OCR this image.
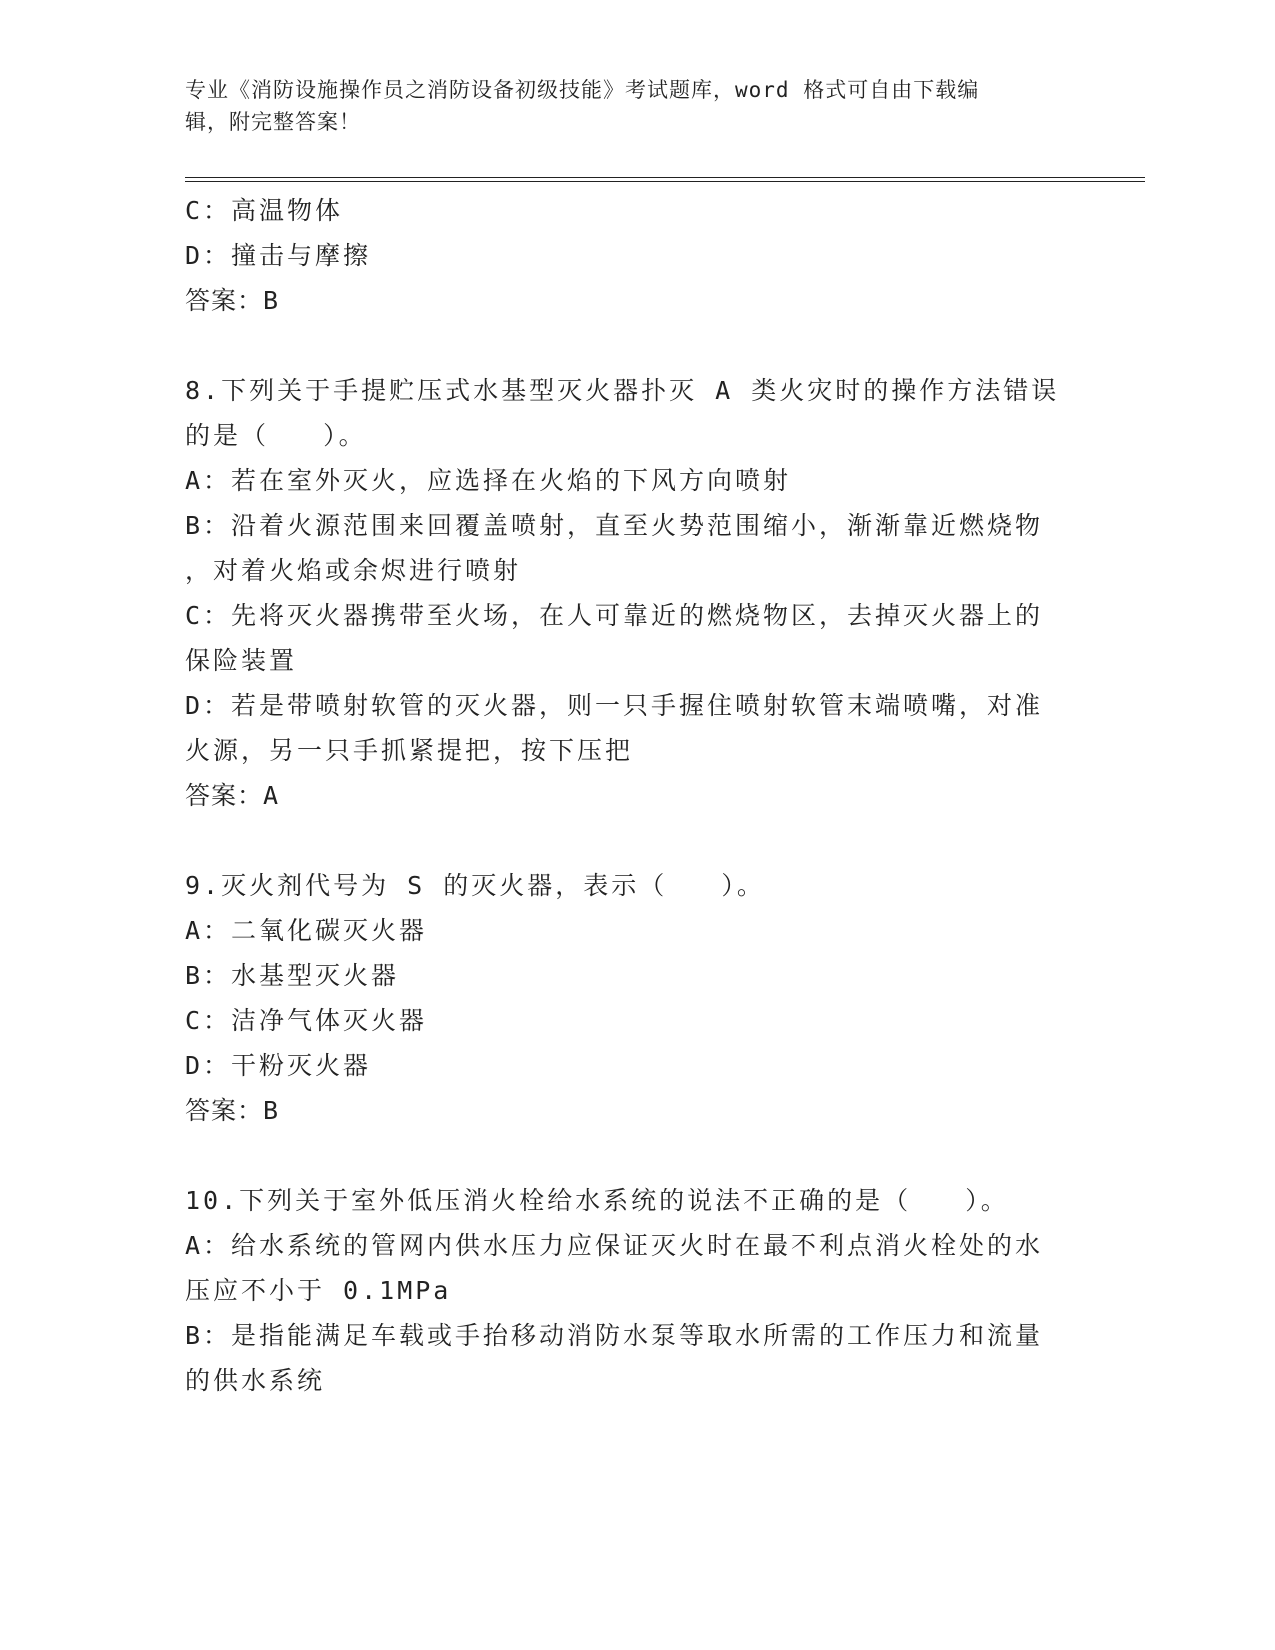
专业《消防设施操作员之消防设备初级技能》考试题库，word 格式可自由下载编
辑，附完整答案！
C：高温物体
D：撞击与摩擦
答案：B
8.下列关于手提贮压式水基型灭火器扑灭 A 类火灾时的操作方法错误
的是（   ）。
A：若在室外灭火，应选择在火焰的下风方向喷射
B：沿着火源范围来回覆盖喷射，直至火势范围缩小，渐渐靠近燃烧物
，对着火焰或余烬进行喷射
C：先将灭火器携带至火场，在人可靠近的燃烧物区，去掉灭火器上的
保险装置
D：若是带喷射软管的灭火器，则一只手握住喷射软管末端喷嘴，对准
火源，另一只手抓紧提把，按下压把
答案：A
9.灭火剂代号为 S 的灭火器，表示（   ）。
A：二氧化碳灭火器
B：水基型灭火器
C：洁净气体灭火器
D：干粉灭火器
答案：B
10.下列关于室外低压消火栓给水系统的说法不正确的是（   ）。
A：给水系统的管网内供水压力应保证灭火时在最不利点消火栓处的水
压应不小于 0.1MPa
B：是指能满足车载或手抬移动消防水泵等取水所需的工作压力和流量
的供水系统
